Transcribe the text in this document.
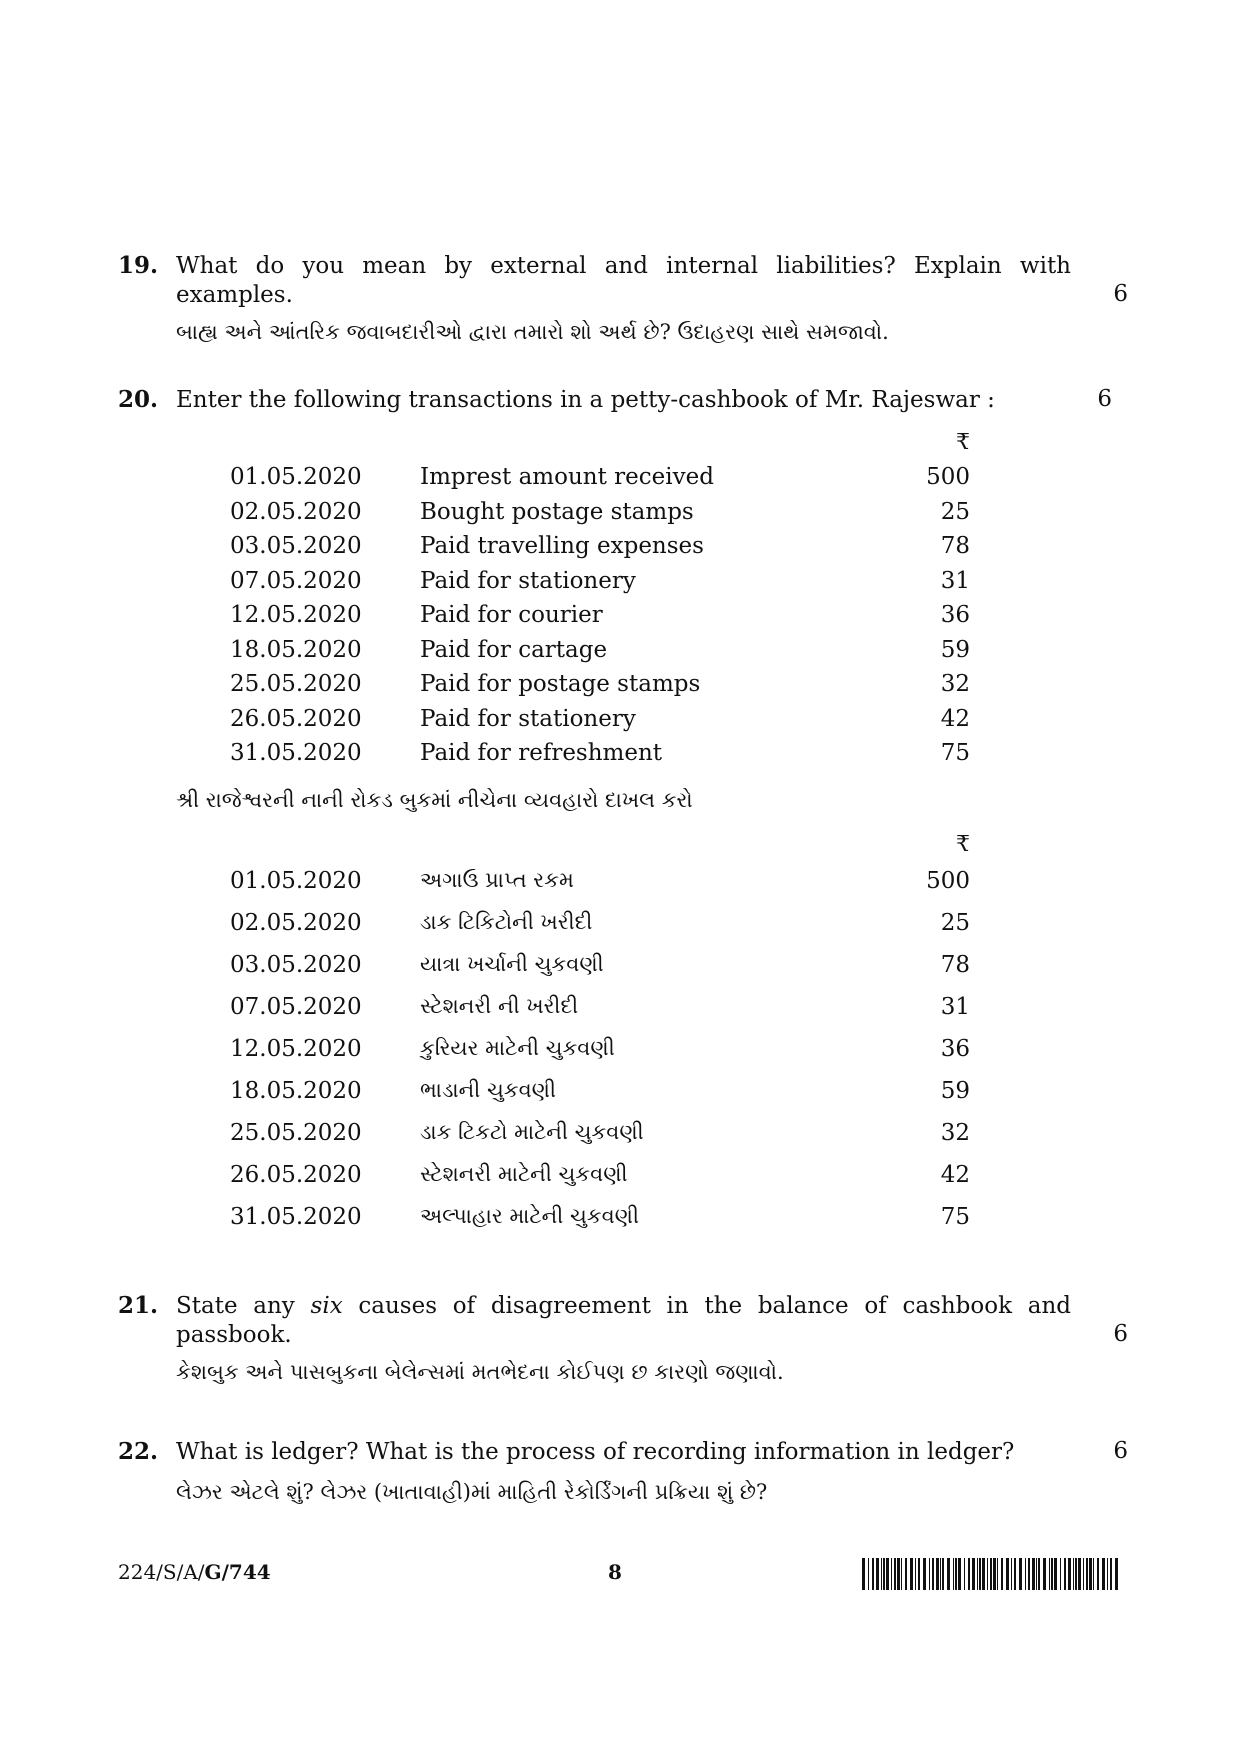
19. What do you mean by external and internal liabilities? Explain with examples.	6
બાહ્ય અને આંતરિક જવાબદારીઓ દ્વારા તમારો શો અર્થ છે? ઉદાહરણ સાથે સમજાવો.
20. Enter the following transactions in a petty-cashbook of Mr. Rajeswar :	6
₹
01.05.2020	Imprest amount received	500
02.05.2020	Bought postage stamps	25
03.05.2020	Paid travelling expenses	78
07.05.2020	Paid for stationery	31
12.05.2020	Paid for courier	36
18.05.2020	Paid for cartage	59
25.05.2020	Paid for postage stamps	32
26.05.2020	Paid for stationery	42
31.05.2020	Paid for refreshment	75
શ્રી રાજેશ્વરની નાની રોકડ બુકમાં નીચેના વ્યવહારો દાખલ કરો
₹
01.05.2020	અગાઉ પ્રાપ્ત રકમ	500
02.05.2020	ડાક ટિકિટોની ખરીદી	25
03.05.2020	યાત્રા ખર્ચાની ચુકવણી	78
07.05.2020	સ્ટેશનરી ની ખરીદી	31
12.05.2020	કુરિયર માટેની ચુકવણી	36
18.05.2020	ભાડાની ચુકવણી	59
25.05.2020	ડાક ટિકટો માટેની ચુકવણી	32
26.05.2020	સ્ટેશનરી માટેની ચુકવણી	42
31.05.2020	અલ્પાહાર માટેની ચુકવણી	75
21. State any six causes of disagreement in the balance of cashbook and passbook.	6
કેશબુક અને પાસબુકના બેલેન્સમાં મતભેદના કોઈપણ છ કારણો જણાવો.
22. What is ledger? What is the process of recording information in ledger?	6
લેઝર એટલે શું? લેઝર (ખાતાવાહી)માં માહિતી રેકોર્ડિંગની પ્રક્રિયા શું છે?
224/S/A/G/744	8
